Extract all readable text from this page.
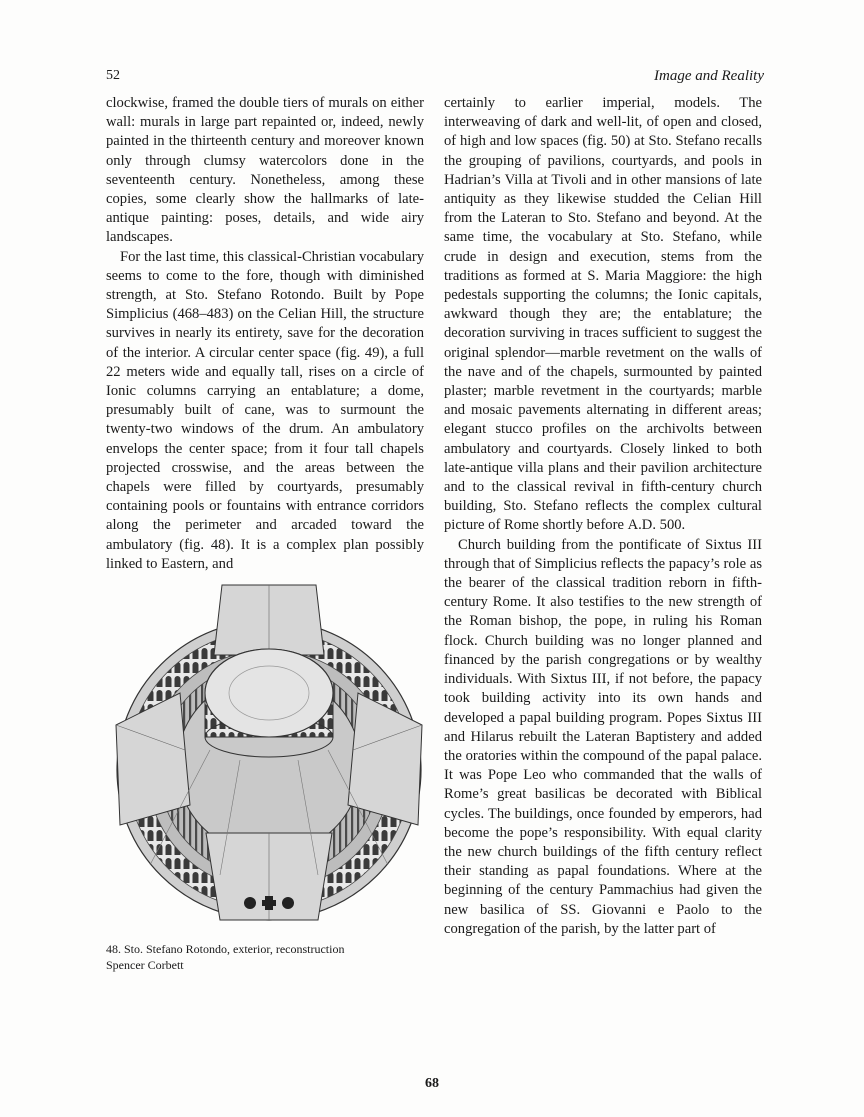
52	Image and Reality

clockwise, framed the double tiers of murals on either wall: murals in large part repainted or, indeed, newly painted in the thirteenth century and moreover known only through clumsy watercolors done in the seventeenth century. Nonetheless, among these copies, some clearly show the hallmarks of late-antique painting: poses, details, and wide airy landscapes.

For the last time, this classical-Christian vocabulary seems to come to the fore, though with diminished strength, at Sto. Stefano Rotondo. Built by Pope Simplicius (468–483) on the Celian Hill, the structure survives in nearly its entirety, save for the decoration of the interior. A circular center space (fig. 49), a full 22 meters wide and equally tall, rises on a circle of Ionic columns carrying an entablature; a dome, presumably built of cane, was to surmount the twenty-two windows of the drum. An ambulatory envelops the center space; from it four tall chapels projected crosswise, and the areas between the chapels were filled by courtyards, presumably containing pools or fountains with entrance corridors along the perimeter and arcaded toward the ambulatory (fig. 48). It is a complex plan possibly linked to Eastern, and

certainly to earlier imperial, models. The interweaving of dark and well-lit, of open and closed, of high and low spaces (fig. 50) at Sto. Stefano recalls the grouping of pavilions, courtyards, and pools in Hadrian’s Villa at Tivoli and in other mansions of late antiquity as they likewise studded the Celian Hill from the Lateran to Sto. Stefano and beyond. At the same time, the vocabulary at Sto. Stefano, while crude in design and execution, stems from the traditions as formed at S. Maria Maggiore: the high pedestals supporting the columns; the Ionic capitals, awkward though they are; the entablature; the decoration surviving in traces sufficient to suggest the original splendor—marble revetment on the walls of the nave and of the chapels, surmounted by painted plaster; marble revetment in the courtyards; marble and mosaic pavements alternating in different areas; elegant stucco profiles on the archivolts between ambulatory and courtyards. Closely linked to both late-antique villa plans and their pavilion architecture and to the classical revival in fifth-century church building, Sto. Stefano reflects the complex cultural picture of Rome shortly before A.D. 500.

Church building from the pontificate of Sixtus III through that of Simplicius reflects the papacy’s role as the bearer of the classical tradition reborn in fifth-century Rome. It also testifies to the new strength of the Roman bishop, the pope, in ruling his Roman flock. Church building was no longer planned and financed by the parish congregations or by wealthy individuals. With Sixtus III, if not before, the papacy took building activity into its own hands and developed a papal building program. Popes Sixtus III and Hilarus rebuilt the Lateran Baptistery and added the oratories within the compound of the papal palace. It was Pope Leo who commanded that the walls of Rome’s great basilicas be decorated with Biblical cycles. The buildings, once founded by emperors, had become the pope’s responsibility. With equal clarity the new church buildings of the fifth century reflect their standing as papal foundations. Where at the beginning of the century Pammachius had given the new basilica of SS. Giovanni e Paolo to the congregation of the parish, by the latter part of

48. Sto. Stefano Rotondo, exterior, reconstruction
Spencer Corbett
68
